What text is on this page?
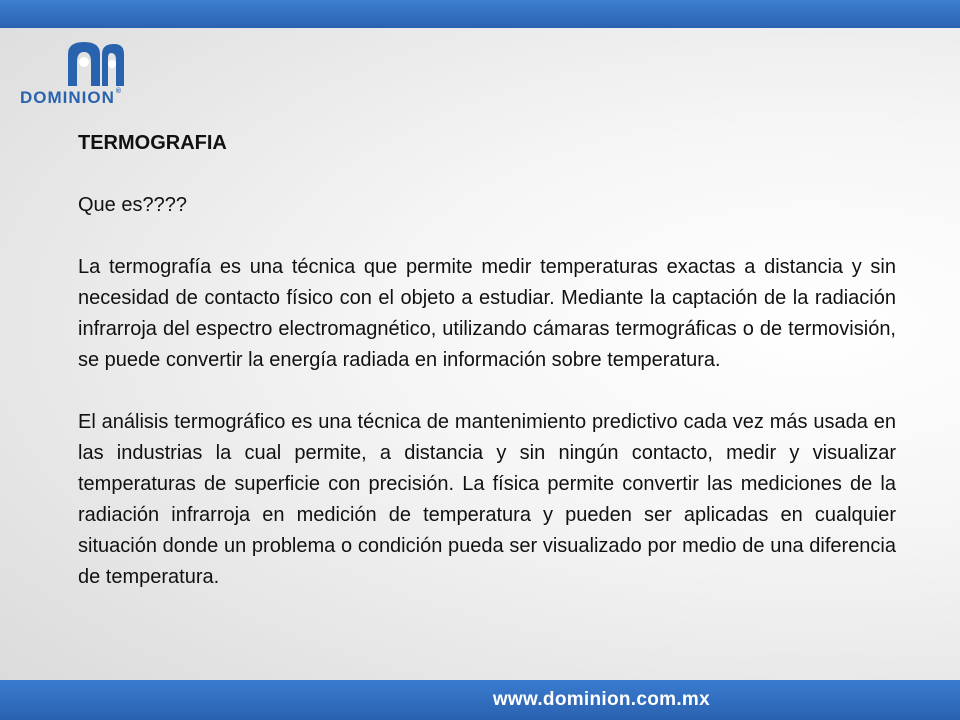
DOMINION®

TERMOGRAFIA

Que es????

La termografía es una técnica que permite medir temperaturas exactas a distancia y sin necesidad de contacto físico con el objeto a estudiar. Mediante la captación de la radiación infrarroja del espectro electromagnético, utilizando cámaras termográficas o de termovisión, se puede convertir la energía radiada en información sobre temperatura.

El análisis termográfico es una técnica de mantenimiento predictivo cada vez más usada en las industrias la cual permite, a distancia y sin ningún contacto, medir y visualizar temperaturas de superficie con precisión. La física permite convertir las mediciones de la radiación infrarroja en medición de temperatura y pueden ser aplicadas en cualquier situación donde un problema o condición pueda ser visualizado por medio de una diferencia de temperatura.

www.dominion.com.mx
